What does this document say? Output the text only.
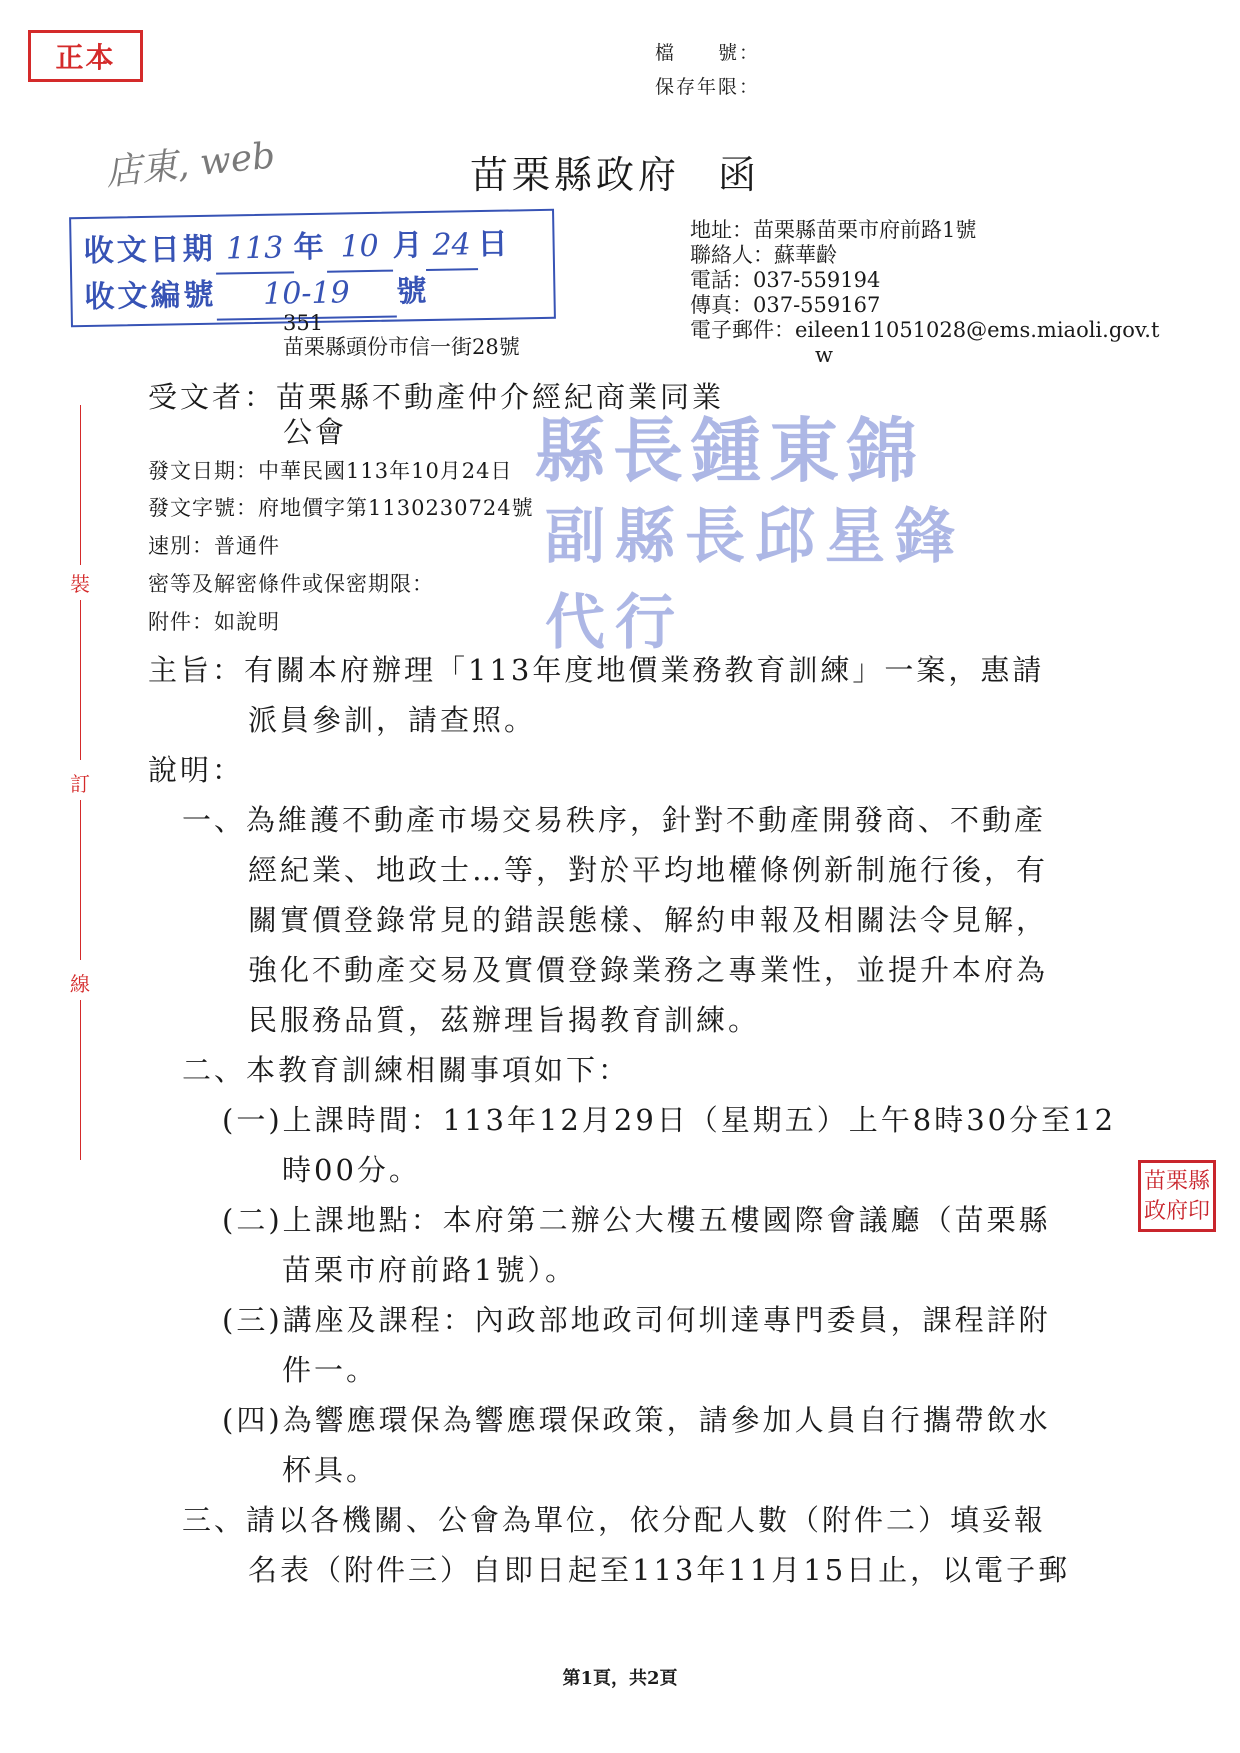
正本	檔　　號：
保存年限：
店東, web	苗栗縣政府 函
收文日期 113 年 10 月 24 日
收文編號 10-19 號
地址：苗栗縣苗栗市府前路1號
聯絡人：蘇華齡
電話：037-559194
傳真：037-559167
電子郵件：eileen11051028@ems.miaoli.gov.t
w
351
苗栗縣頭份市信一街28號
受文者：苗栗縣不動產仲介經紀商業同業
公會
發文日期：中華民國113年10月24日
發文字號：府地價字第1130230724號
速別：普通件
密等及解密條件或保密期限：
附件：如說明
縣長鍾東錦
副縣長邱星鋒 代行
裝
訂
線
主旨：有關本府辦理「113年度地價業務教育訓練」一案，惠請
派員參訓，請查照。
說明：
一、為維護不動產市場交易秩序，針對不動產開發商、不動產
經紀業、地政士…等，對於平均地權條例新制施行後，有
關實價登錄常見的錯誤態樣、解約申報及相關法令見解，
強化不動產交易及實價登錄業務之專業性，並提升本府為
民服務品質，茲辦理旨揭教育訓練。
二、本教育訓練相關事項如下：
(一)上課時間：113年12月29日（星期五）上午8時30分至12
時00分。
(二)上課地點：本府第二辦公大樓五樓國際會議廳（苗栗縣
苗栗市府前路1號）。
(三)講座及課程：內政部地政司何圳達專門委員，課程詳附
件一。
(四)為響應環保為響應環保政策，請參加人員自行攜帶飲水
杯具。
三、請以各機關、公會為單位，依分配人數（附件二）填妥報
名表（附件三）自即日起至113年11月15日止，以電子郵
苗栗縣 政府印
第1頁，共2頁
